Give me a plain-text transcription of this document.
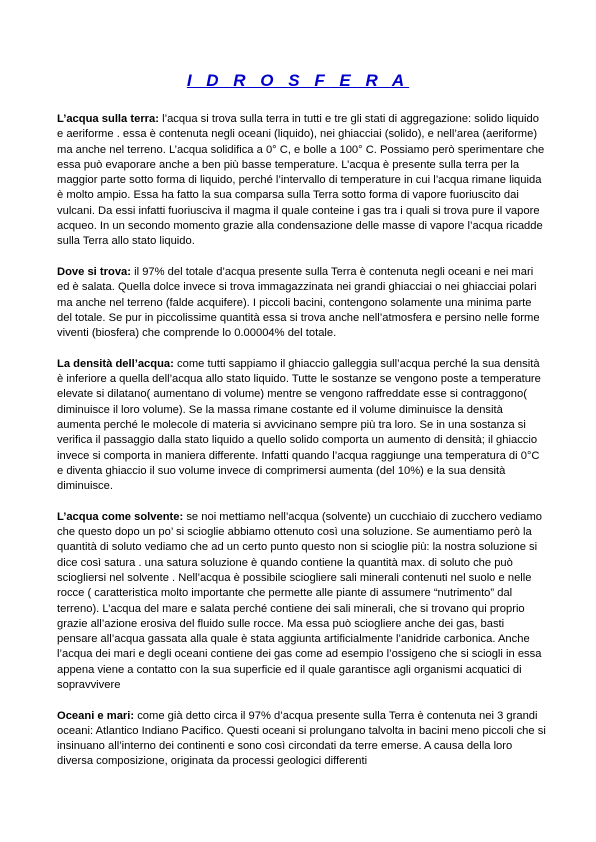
I D R O S F E R A

L’acqua sulla terra: l’acqua si trova sulla terra in tutti e tre gli stati di aggregazione: solido liquido e aeriforme . essa è contenuta negli oceani (liquido), nei ghiacciai (solido), e nell’area (aeriforme) ma anche nel terreno. L’acqua solidifica a 0° C, e bolle a 100° C. Possiamo però sperimentare che essa può evaporare anche a ben più basse temperature. L’acqua è presente sulla terra per la maggior parte sotto forma di liquido, perché l’intervallo di temperature in cui l’acqua rimane liquida è molto ampio. Essa ha fatto la sua comparsa sulla Terra sotto forma di vapore fuoriuscito dai vulcani. Da essi infatti fuoriusciva il magma il quale conteine i gas tra i quali si trova pure il vapore acqueo. In un secondo momento grazie alla condensazione delle masse di vapore l’acqua ricadde sulla Terra allo stato liquido.

Dove si trova: il 97% del totale d’acqua presente sulla Terra è contenuta negli oceani e nei mari ed è salata. Quella dolce invece si trova immagazzinata nei grandi ghiacciai o nei ghiacciai polari ma anche nel terreno (falde acquifere). I piccoli bacini, contengono solamente una minima parte del totale. Se pur in piccolissime quantità essa si trova anche nell’atmosfera e persino nelle forme viventi (biosfera) che comprende lo 0.00004% del totale.

La densità dell’acqua: come tutti sappiamo il ghiaccio galleggia sull’acqua perché la sua densità è inferiore a quella dell’acqua allo stato liquido. Tutte le sostanze se vengono poste a temperature elevate si dilatano( aumentano di volume) mentre se vengono raffreddate esse si contraggono( diminuisce il loro volume). Se la massa rimane costante ed il volume diminuisce la densità aumenta perché le molecole di materia si avvicinano sempre più tra loro. Se in una sostanza si verifica il passaggio dalla stato liquido a quello solido comporta un aumento di densità; il ghiaccio invece si comporta in maniera differente. Infatti quando l’acqua raggiunge una temperatura di 0°C e diventa ghiaccio il suo volume invece di comprimersi aumenta (del 10%) e la sua densità diminuisce.

L’acqua come solvente: se noi mettiamo nell’acqua (solvente) un cucchiaio di zucchero vediamo che questo dopo un po’ si scioglie abbiamo ottenuto così una soluzione. Se aumentiamo però la quantità di soluto vediamo che ad un certo punto questo non si scioglie più: la nostra soluzione si dice così satura . una satura soluzione è quando contiene la quantità max. di soluto che può sciogliersi nel solvente . Nell’acqua è possibile sciogliere sali minerali contenuti nel suolo e nelle rocce ( caratteristica molto importante che permette alle piante di assumere “nutrimento” dal terreno). L’acqua del mare e salata perché contiene dei sali minerali, che si trovano qui proprio grazie all’azione erosiva del fluido sulle rocce. Ma essa può sciogliere anche dei gas, basti pensare all’acqua gassata alla quale è stata aggiunta artificialmente l’anidride carbonica. Anche l’acqua dei mari e degli oceani contiene dei gas come ad esempio l’ossigeno che si sciogli in essa appena viene a contatto con la sua superficie ed il quale garantisce agli organismi acquatici di sopravvivere

Oceani e mari: come già detto circa il 97% d’acqua presente sulla Terra è contenuta nei 3 grandi oceani: Atlantico Indiano Pacifico. Questi oceani si prolungano talvolta in bacini meno piccoli che si insinuano all’interno dei continenti e sono così circondati da terre emerse. A causa della loro diversa composizione, originata da processi geologici differenti
